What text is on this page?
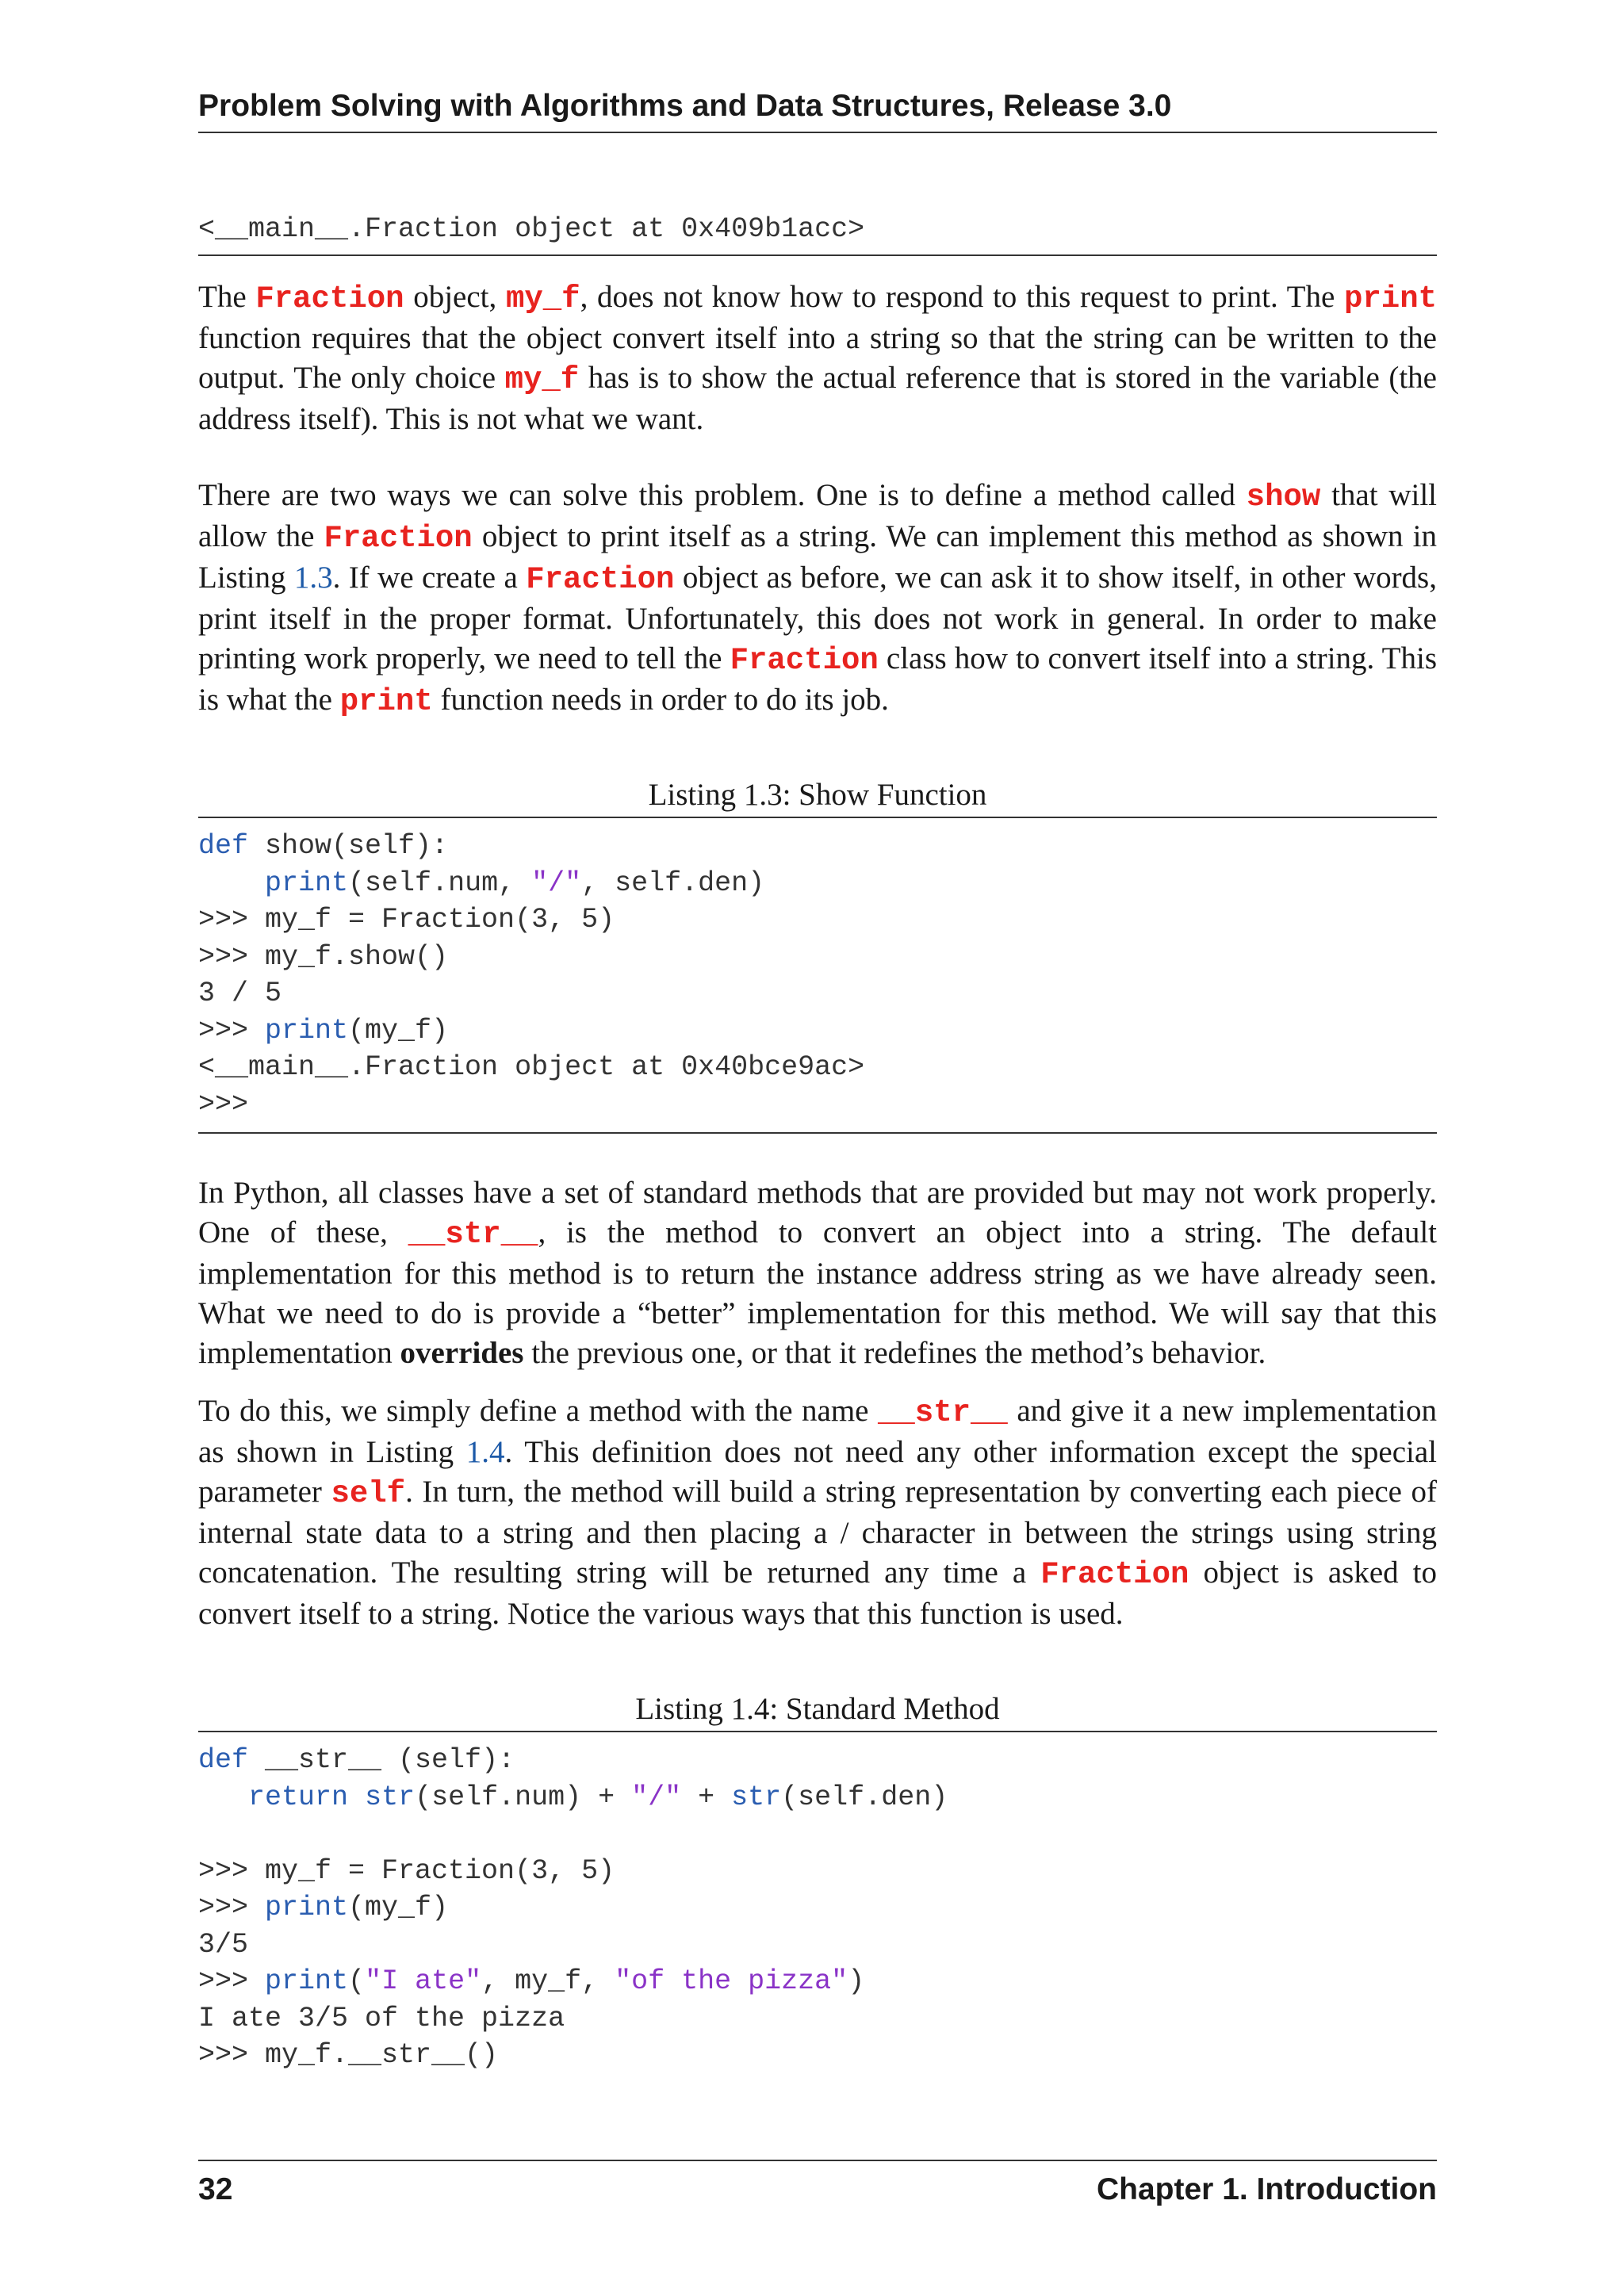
Problem Solving with Algorithms and Data Structures, Release 3.0
<__main__.Fraction object at 0x409b1acc>

The Fraction object, my_f, does not know how to respond to this request to print. The print function requires that the object convert itself into a string so that the string can be written to the output. The only choice my_f has is to show the actual reference that is stored in the variable (the address itself). This is not what we want.

There are two ways we can solve this problem. One is to define a method called show that will allow the Fraction object to print itself as a string. We can implement this method as shown in Listing 1.3. If we create a Fraction object as before, we can ask it to show itself, in other words, print itself in the proper format. Unfortunately, this does not work in general. In order to make printing work properly, we need to tell the Fraction class how to convert itself into a string. This is what the print function needs in order to do its job.

Listing 1.3: Show Function
def show(self):
print(self.num, "/", self.den)
>>> my_f = Fraction(3, 5)
>>> my_f.show()
3 / 5
>>> print(my_f)
<__main__.Fraction object at 0x40bce9ac>
>>>

In Python, all classes have a set of standard methods that are provided but may not work properly. One of these, __str__, is the method to convert an object into a string. The default implementation for this method is to return the instance address string as we have already seen. What we need to do is provide a “better” implementation for this method. We will say that this implementation overrides the previous one, or that it redefines the method’s behavior.

To do this, we simply define a method with the name __str__ and give it a new implementation as shown in Listing 1.4. This definition does not need any other information except the special parameter self. In turn, the method will build a string representation by converting each piece of internal state data to a string and then placing a / character in between the strings using string concatenation. The resulting string will be returned any time a Fraction object is asked to convert itself to a string. Notice the various ways that this function is used.

Listing 1.4: Standard Method
def __str__ (self):
return str(self.num) + "/" + str(self.den)

>>> my_f = Fraction(3, 5)
>>> print(my_f)
3/5
>>> print("I ate", my_f, "of the pizza")
I ate 3/5 of the pizza
>>> my_f.__str__()
32	Chapter 1. Introduction
